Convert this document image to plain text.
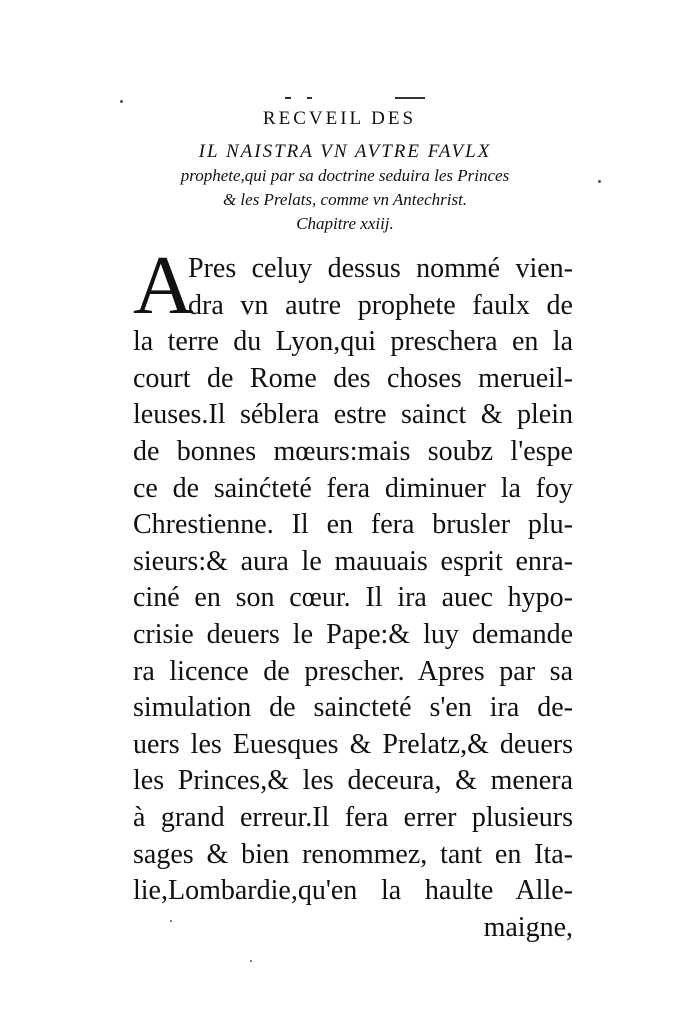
RECVEIL DES
IL NAISTRA VN AVTRE FAVLX
prophete,qui par sa doctrine seduira les Princes
& les Prelats, comme vn Antechrist.
Chapitre xxiij.
A
Pres celuy dessus nommé vien-
dra vn autre prophete faulx de
la terre du Lyon,qui preschera en la
court de Rome des choses merueil-
leuses.Il séblera estre sainct & plein
de bonnes mœurs:mais soubz l'espe
ce de sainćteté fera diminuer la foy
Chrestienne. Il en fera brusler plu-
sieurs:& aura le mauuais esprit enra-
ciné en son cœur. Il ira auec hypo-
crisie deuers le Pape:& luy demande
ra licence de prescher. Apres par sa
simulation de saincteté s'en ira de-
uers les Euesques & Prelatz,& deuers
les Princes,& les deceura, & menera
à grand erreur.Il fera errer plusieurs
sages & bien renommez, tant en Ita-
lie,Lombardie,qu'en la haulte Alle-
maigne,
